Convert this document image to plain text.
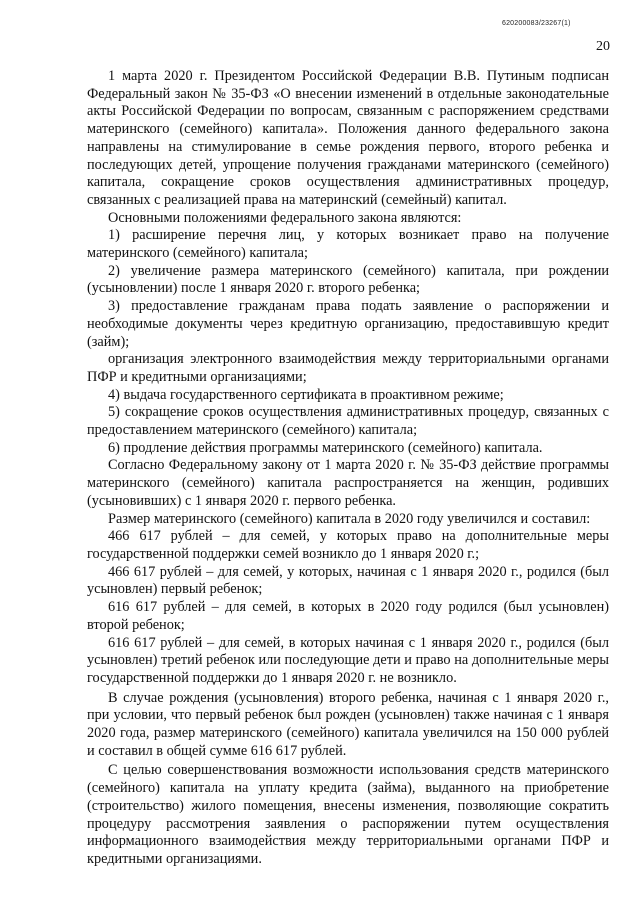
620200083/23267(1)
20

1 марта 2020 г. Президентом Российской Федерации В.В. Путиным подписан Федеральный закон № 35-ФЗ «О внесении изменений в отдельные законодательные акты Российской Федерации по вопросам, связанным с распоряжением средствами материнского (семейного) капитала». Положения данного федерального закона направлены на стимулирование в семье рождения первого, второго ребенка и последующих детей, упрощение получения гражданами материнского (семейного) капитала, сокращение сроков осуществления административных процедур, связанных с реализацией права на материнский (семейный) капитал.

Основными положениями федерального закона являются:

1) расширение перечня лиц, у которых возникает право на получение материнского (семейного) капитала;

2) увеличение размера материнского (семейного) капитала, при рождении (усыновлении) после 1 января 2020 г. второго ребенка;

3) предоставление гражданам права подать заявление о распоряжении и необходимые документы через кредитную организацию, предоставившую кредит (займ);

организация электронного взаимодействия между территориальными органами ПФР и кредитными организациями;

4) выдача государственного сертификата в проактивном режиме;

5) сокращение сроков осуществления административных процедур, связанных с предоставлением материнского (семейного) капитала;

6) продление действия программы материнского (семейного) капитала.

Согласно Федеральному закону от 1 марта 2020 г. № 35-ФЗ действие программы материнского (семейного) капитала распространяется на женщин, родивших (усыновивших) с 1 января 2020 г. первого ребенка.

Размер материнского (семейного) капитала в 2020 году увеличился и составил:

466 617 рублей – для семей, у которых право на дополнительные меры государственной поддержки семей возникло до 1 января 2020 г.;

466 617 рублей – для семей, у которых, начиная с 1 января 2020 г., родился (был усыновлен) первый ребенок;

616 617 рублей – для семей, в которых в 2020 году родился (был усыновлен) второй ребенок;

616 617 рублей – для семей, в которых начиная с 1 января 2020 г., родился (был усыновлен) третий ребенок или последующие дети и право на дополнительные меры государственной поддержки до 1 января 2020 г. не возникло.

В случае рождения (усыновления) второго ребенка, начиная с 1 января 2020 г., при условии, что первый ребенок был рожден (усыновлен) также начиная с 1 января 2020 года, размер материнского (семейного) капитала увеличился на 150 000 рублей и составил в общей сумме 616 617 рублей.

С целью совершенствования возможности использования средств материнского (семейного) капитала на уплату кредита (займа), выданного на приобретение (строительство) жилого помещения, внесены изменения, позволяющие сократить процедуру рассмотрения заявления о распоряжении путем осуществления информационного взаимодействия между территориальными органами ПФР и кредитными организациями.
